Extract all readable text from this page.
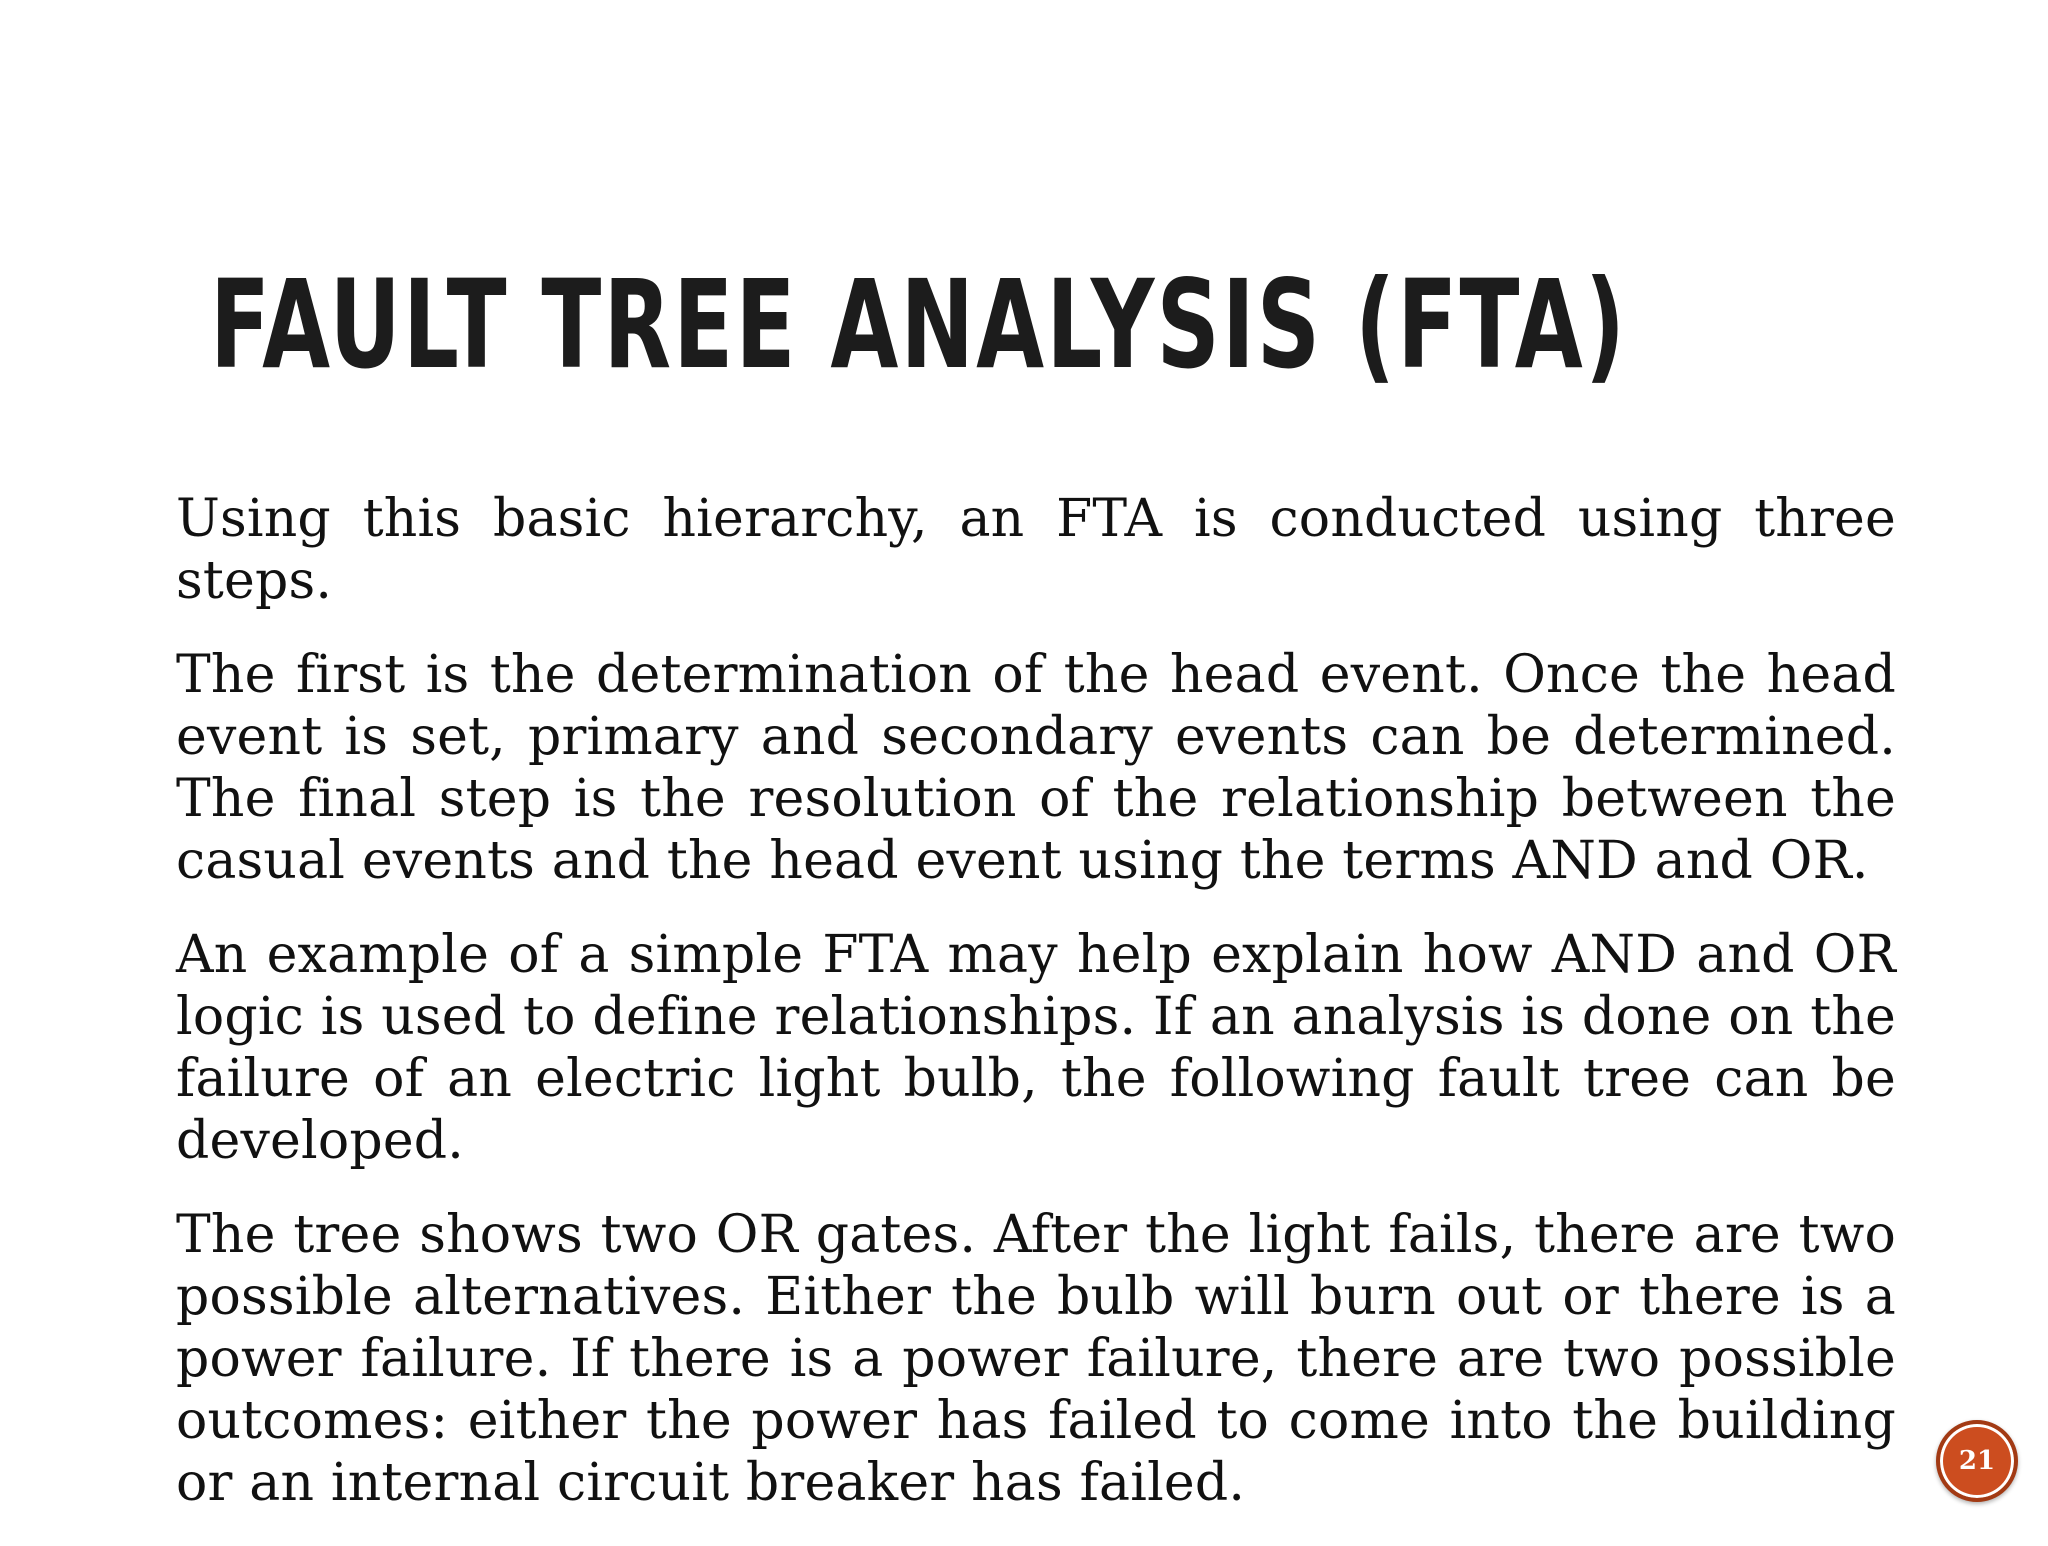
FAULT TREE ANALYSIS (FTA)

Using this basic hierarchy, an FTA is conducted using three steps.

The first is the determination of the head event. Once the head event is set, primary and secondary events can be determined. The final step is the resolution of the relationship between the casual events and the head event using the terms AND and OR.

An example of a simple FTA may help explain how AND and OR logic is used to define relationships. If an analysis is done on the failure of an electric light bulb, the following fault tree can be developed.

The tree shows two OR gates. After the light fails, there are two possible alternatives. Either the bulb will burn out or there is a power failure. If there is a power failure, there are two possible outcomes: either the power has failed to come into the building or an internal circuit breaker has failed.	21
